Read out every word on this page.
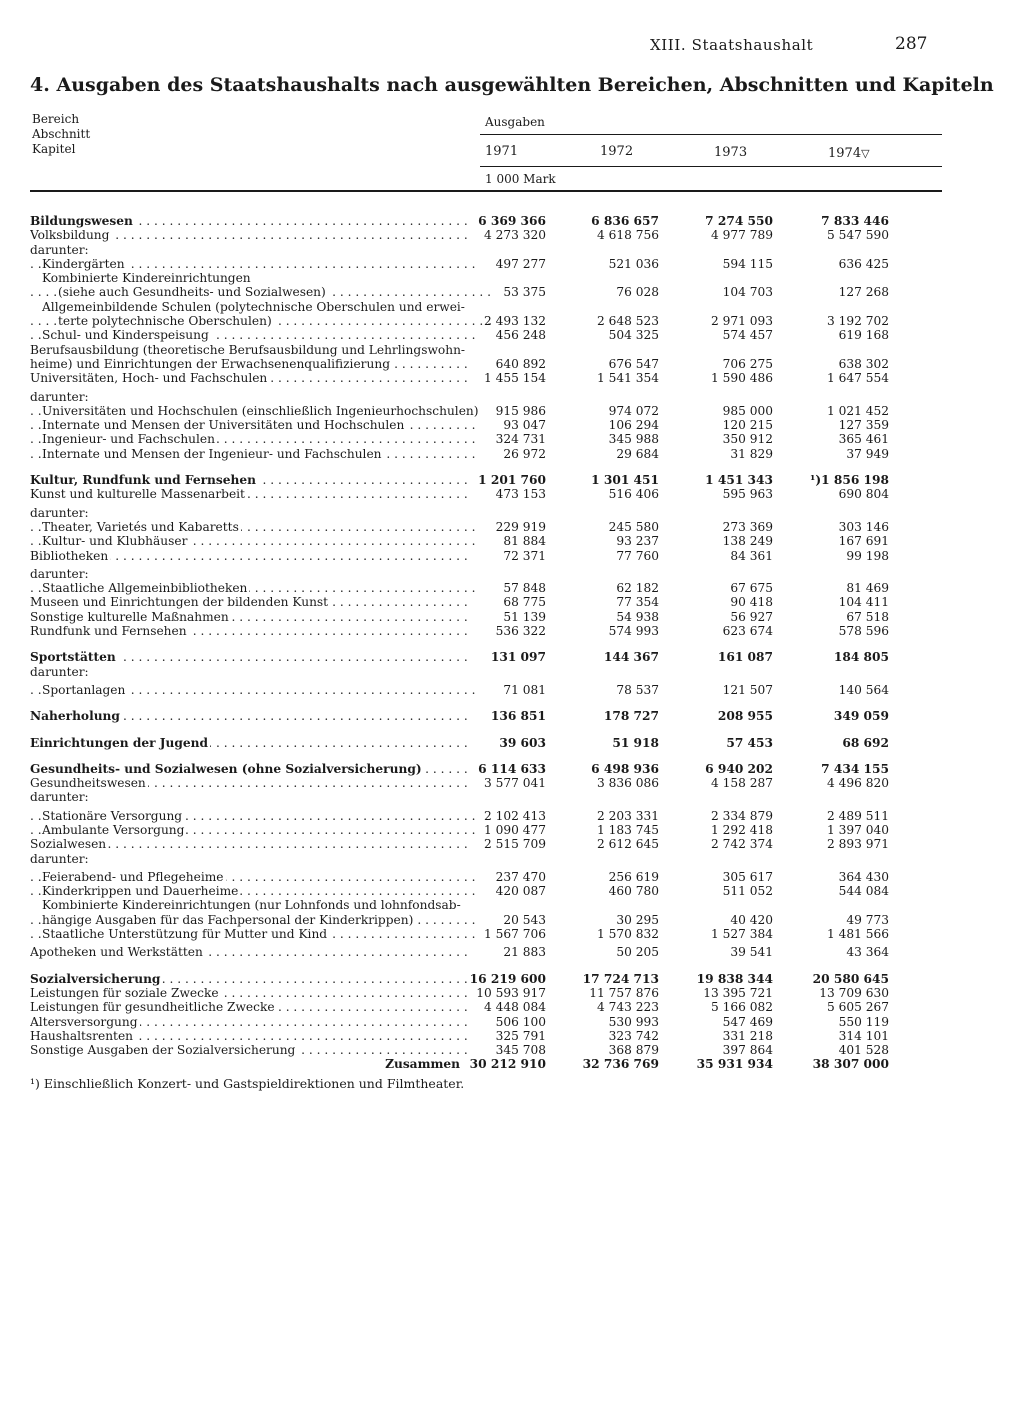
XIII. Staatshaushalt	287
4. Ausgaben des Staatshaushalts nach ausgewählten Bereichen, Abschnitten und Kapiteln
Bereich
Abschnitt
Kapitel
Ausgaben
1971	1972	1973	1974▽
1 000 Mark
Bildungswesen . . .	6 369 366	6 836 657	7 274 550	7 833 446
Volksbildung . . .	4 273 320	4 618 756	4 977 789	5 547 590
darunter:
Kindergärten . . .	497 277	521 036	594 115	636 425
Kombinierte Kindereinrichtungen
(siehe auch Gesundheits- und Sozialwesen) . . .	53 375	76 028	104 703	127 268
Allgemeinbildende Schulen (polytechnische Oberschulen und erwei-
terte polytechnische Oberschulen) . . .	2 493 132	2 648 523	2 971 093	3 192 702
Schul- und Kinderspeisung . . .	456 248	504 325	574 457	619 168
Berufsausbildung (theoretische Berufsausbildung und Lehrlingswohn-
heime) und Einrichtungen der Erwachsenenqualifizierung . . .	640 892	676 547	706 275	638 302
Universitäten, Hoch- und Fachschulen . . .	1 455 154	1 541 354	1 590 486	1 647 554
darunter:
Universitäten und Hochschulen (einschließlich Ingenieurhochschulen) . . . 915 986	974 072	985 000	1 021 452
Internate und Mensen der Universitäten und Hochschulen . . .	93 047	106 294	120 215	127 359
Ingenieur- und Fachschulen . . .	324 731	345 988	350 912	365 461
Internate und Mensen der Ingenieur- und Fachschulen . . .	26 972	29 684	31 829	37 949
Kultur, Rundfunk und Fernsehen . . .	1 201 760	1 301 451	1 451 343	¹)1 856 198
Kunst und kulturelle Massenarbeit . . .	473 153	516 406	595 963	690 804
darunter:
Theater, Varietés und Kabaretts . . .	229 919	245 580	273 369	303 146
Kultur- und Klubhäuser . . .	81 884	93 237	138 249	167 691
Bibliotheken . . .	72 371	77 760	84 361	99 198
darunter:
Staatliche Allgemeinbibliotheken . . .	57 848	62 182	67 675	81 469
Museen und Einrichtungen der bildenden Kunst . . .	68 775	77 354	90 418	104 411
Sonstige kulturelle Maßnahmen . . .	51 139	54 938	56 927	67 518
Rundfunk und Fernsehen . . .	536 322	574 993	623 674	578 596
Sportstätten . . .	131 097	144 367	161 087	184 805
darunter:
Sportanlagen . . .	71 081	78 537	121 507	140 564
Naherholung . . .	136 851	178 727	208 955	349 059
Einrichtungen der Jugend . . .	39 603	51 918	57 453	68 692
Gesundheits- und Sozialwesen (ohne Sozialversicherung) . . .	6 114 633	6 498 936	6 940 202	7 434 155
Gesundheitswesen . . .	3 577 041	3 836 086	4 158 287	4 496 820
darunter:
Stationäre Versorgung . . .	2 102 413	2 203 331	2 334 879	2 489 511
Ambulante Versorgung . . .	1 090 477	1 183 745	1 292 418	1 397 040
Sozialwesen . . .	2 515 709	2 612 645	2 742 374	2 893 971
darunter:
Feierabend- und Pflegeheime . . .	237 470	256 619	305 617	364 430
Kinderkrippen und Dauerheime . . .	420 087	460 780	511 052	544 084
Kombinierte Kindereinrichtungen (nur Lohnfonds und lohnfondsab-
hängige Ausgaben für das Fachpersonal der Kinderkrippen) . . .	20 543	30 295	40 420	49 773
Staatliche Unterstützung für Mutter und Kind . . .	1 567 706	1 570 832	1 527 384	1 481 566
Apotheken und Werkstätten . . .	21 883	50 205	39 541	43 364
Sozialversicherung . . .	16 219 600	17 724 713	19 838 344	20 580 645
Leistungen für soziale Zwecke . . .	10 593 917	11 757 876	13 395 721	13 709 630
Leistungen für gesundheitliche Zwecke . . .	4 448 084	4 743 223	5 166 082	5 605 267
Altersversorgung . . .	506 100	530 993	547 469	550 119
Haushaltsrenten . . .	325 791	323 742	331 218	314 101
Sonstige Ausgaben der Sozialversicherung . . .	345 708	368 879	397 864	401 528
Zusammen 30 212 910	32 736 769	35 931 934	38 307 000
¹) Einschließlich Konzert- und Gastspieldirektionen und Filmtheater.
